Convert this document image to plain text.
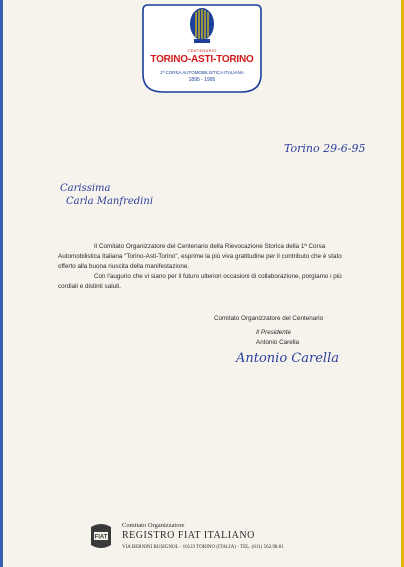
CENTENARIO
TORINO-ASTI-TORINO
1ª CORSA AUTOMOBILISTICA ITALIANA
1895 - 1995
Torino 29-6-95
Carissima
Carla Manfredini
Il Comitato Organizzatore del Centenario della Rievocazione Storica della 1ª Corsa Automobilistica Italiana "Torino-Asti-Torino", esprime la più viva gratitudine per il contributo che è stato offerto alla buona riuscita della manifestazione.
Con l'augurio che vi siano per il futuro ulteriori occasioni di collaborazione, porgiamo i più cordiali e distinti saluti.
Comitato Organizzatore del Centenario
Il Presidente
Antonio Carella
Antonio Carella
FIAT
Comitato Organizzatore
REGISTRO FIAT ITALIANO
VIA BERNINI BUSIGNOL · 10123 TORINO (ITALIA) · TEL. (011) 562.98.81
